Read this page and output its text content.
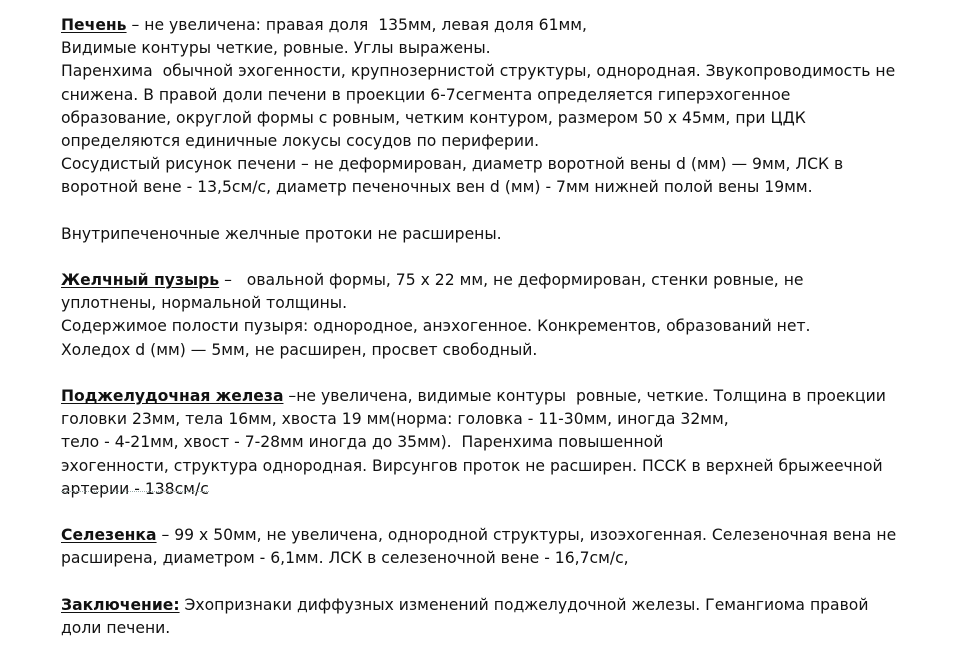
Печень – не увеличена: правая доля  135мм, левая доля 61мм,
Видимые контуры четкие, ровные. Углы выражены.
Паренхима  обычной эхогенности, крупнозернистой структуры, однородная. Звукопроводимость не
снижена. В правой доли печени в проекции 6-7сегмента определяется гиперэхогенное
образование, округлой формы с ровным, четким контуром, размером 50 х 45мм, при ЦДК
определяются единичные локусы сосудов по периферии.
Сосудистый рисунок печени – не деформирован, диаметр воротной вены d (мм) — 9мм, ЛСК в
воротной вене - 13,5см/с, диаметр печеночных вен d (мм) - 7мм нижней полой вены 19мм.
Внутрипеченочные желчные протоки не расширены.
Желчный пузырь –   овальной формы, 75 х 22 мм, не деформирован, стенки ровные, не
уплотнены, нормальной толщины.
Содержимое полости пузыря: однородное, анэхогенное. Конкрементов, образований нет.
Холедох d (мм) — 5мм, не расширен, просвет свободный.
Поджелудочная железа –не увеличена, видимые контуры  ровные, четкие. Толщина в проекции
головки 23мм, тела 16мм, хвоста 19 мм(норма: головка - 11-30мм, иногда 32мм,
тело - 4-21мм, хвост - 7-28мм иногда до 35мм).  Паренхима повышенной
эхогенности, структура однородная. Вирсунгов проток не расширен. ПССК в верхней брыжеечной
артерии - 138см/с
Селезенка – 99 х 50мм, не увеличена, однородной структуры, изоэхогенная. Селезеночная вена не
расширена, диаметром - 6,1мм. ЛСК в селезеночной вене - 16,7см/с,
Заключение: Эхопризнаки диффузных изменений поджелудочной железы. Гемангиома правой
доли печени.
